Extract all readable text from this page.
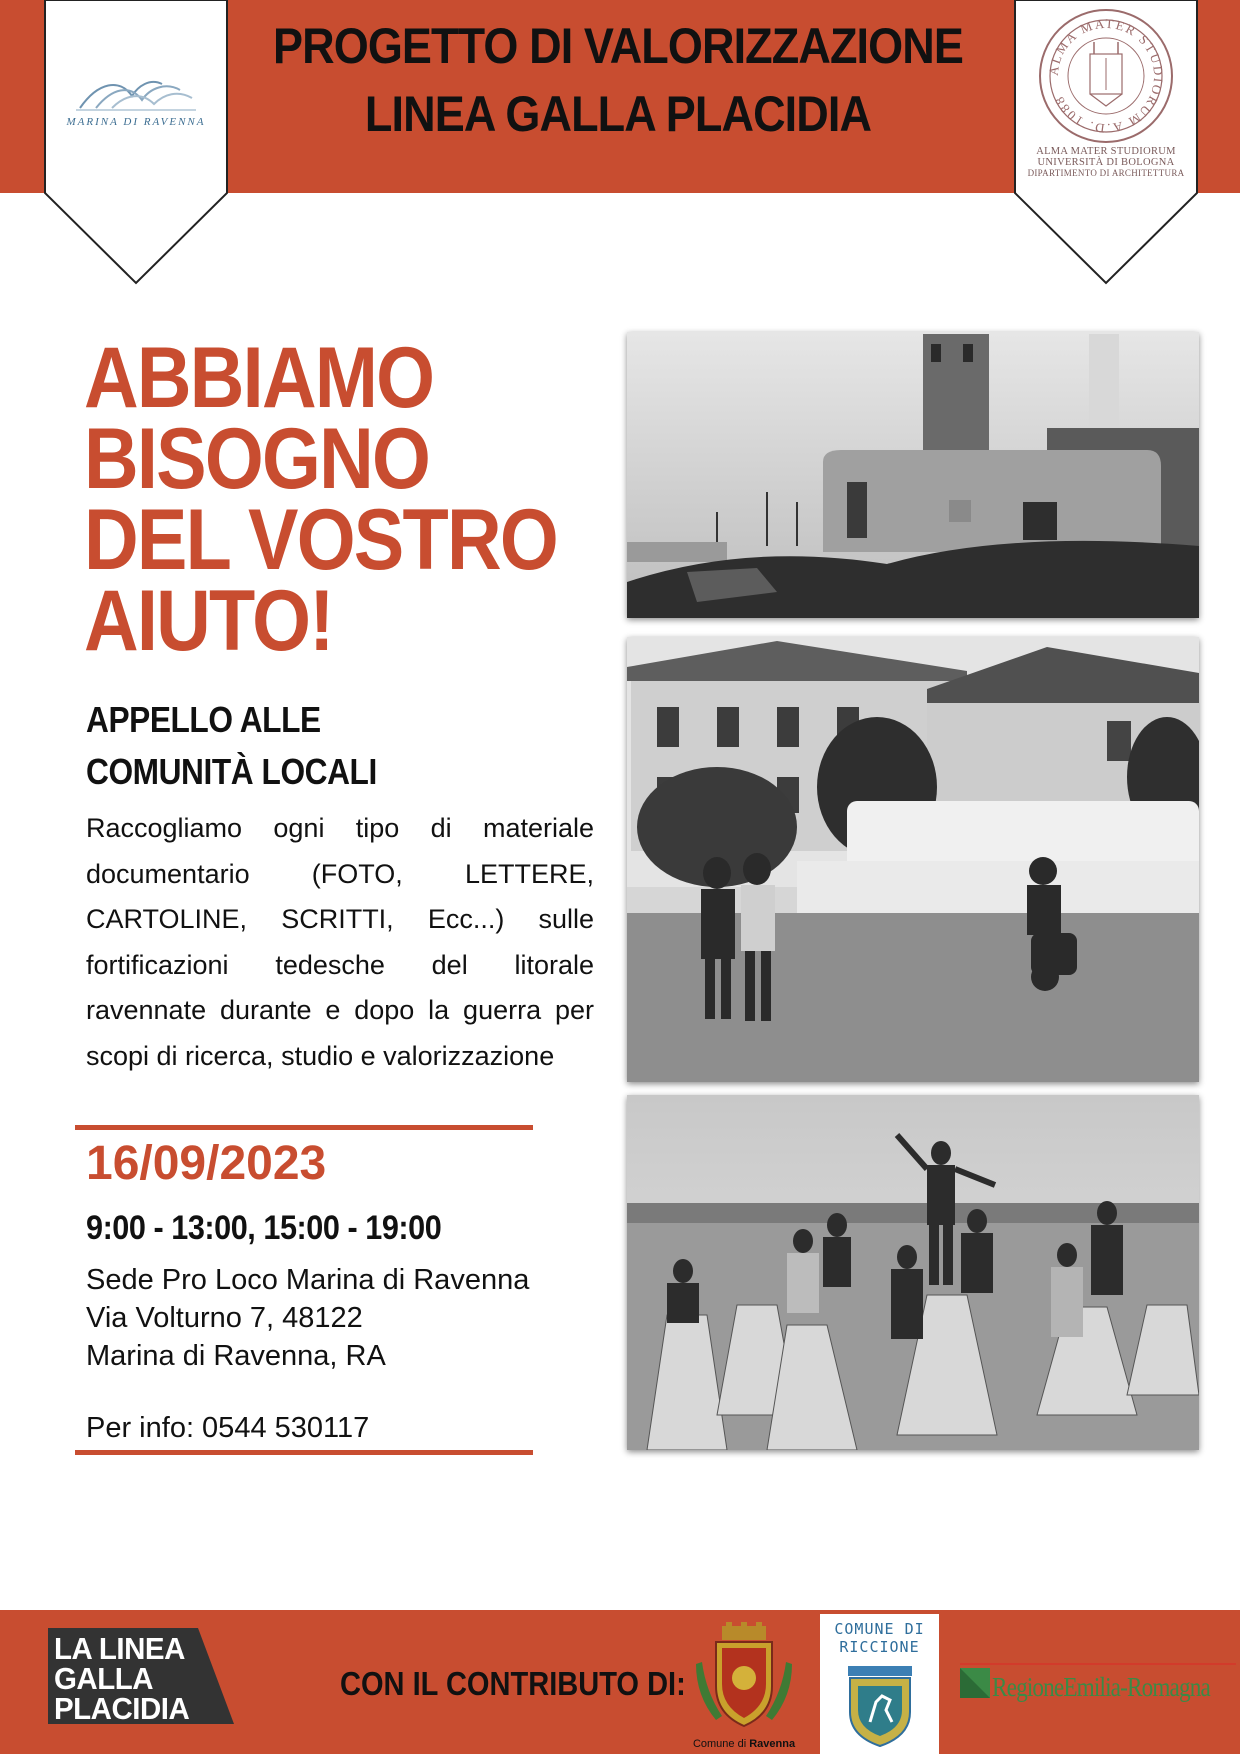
MARINA DI RAVENNA
PROGETTO DI VALORIZZAZIONE
LINEA GALLA PLACIDIA
ALMA MATER STUDIORUM A.D. 1088
ALMA MATER STUDIORUM
UNIVERSITÀ DI BOLOGNA
DIPARTIMENTO DI ARCHITETTURA
ABBIAMO
BISOGNO
DEL VOSTRO
AIUTO!
APPELLO ALLE
COMUNITÀ LOCALI
Raccogliamo ogni tipo di materiale documentario (FOTO, LETTERE, CARTOLINE, SCRITTI, Ecc...) sulle fortificazioni tedesche del litorale ravennate durante e dopo la guerra per scopi di ricerca, studio e valorizzazione
16/09/2023
9:00 - 13:00, 15:00 - 19:00
Sede Pro Loco Marina di Ravenna
Via Volturno 7, 48122
Marina di Ravenna, RA
Per info: 0544 530117
LA LINEA
GALLA
PLACIDIA
CON IL CONTRIBUTO DI:
Comune di Ravenna
COMUNE DI
RICCIONE
RegioneEmilia-Romagna
